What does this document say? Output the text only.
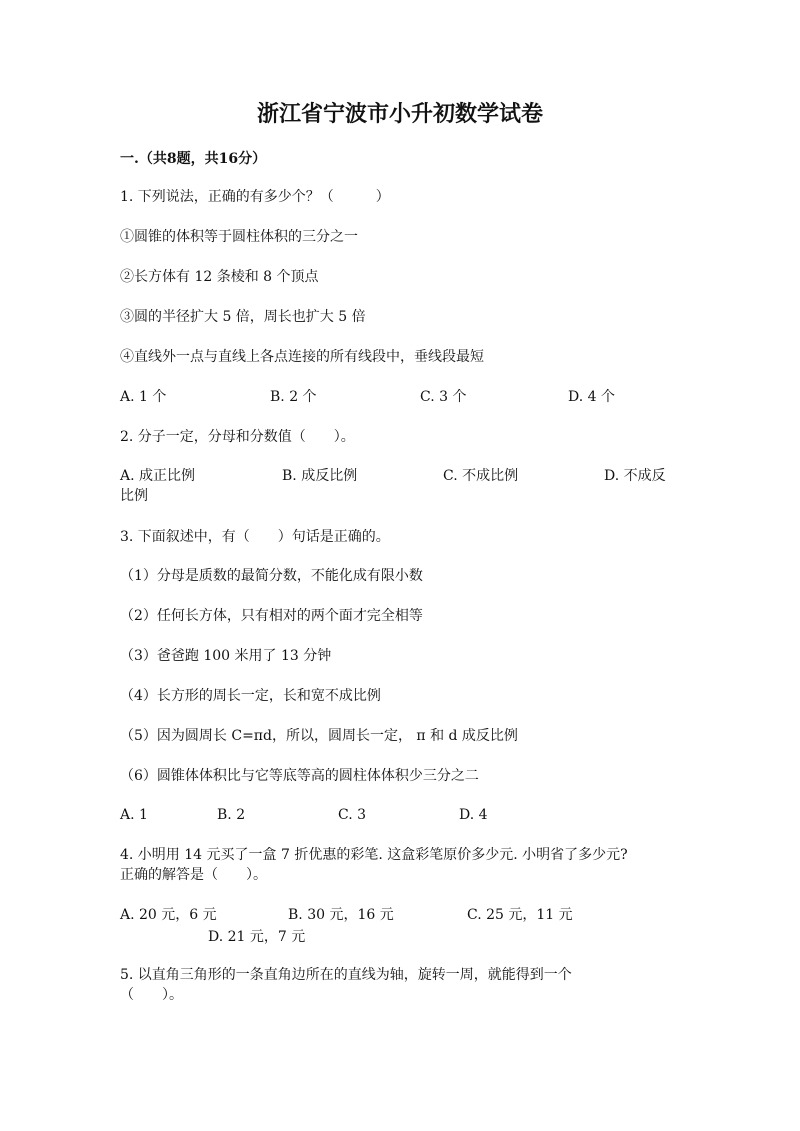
浙江省宁波市小升初数学试卷
一.（共8题，共16分）
1. 下列说法，正确的有多少个？（　　　）
①圆锥的体积等于圆柱体积的三分之一
②长方体有 12 条棱和 8 个顶点
③圆的半径扩大 5 倍，周长也扩大 5 倍
④直线外一点与直线上各点连接的所有线段中，垂线段最短
A. 1 个	B. 2 个	C. 3 个	D. 4 个
2. 分子一定，分母和分数值（　　）。
A. 成正比例	B. 成反比例	C. 不成比例	D. 不成反
比例
3. 下面叙述中，有（　　）句话是正确的。
（1）分母是质数的最简分数，不能化成有限小数
（2）任何长方体，只有相对的两个面才完全相等
（3）爸爸跑 100 米用了 13 分钟
（4）长方形的周长一定，长和宽不成比例
（5）因为圆周长 C=πd，所以，圆周长一定， π 和 d 成反比例
（6）圆锥体体积比与它等底等高的圆柱体体积少三分之二
A. 1	B. 2	C. 3	D. 4
4. 小明用 14 元买了一盒 7 折优惠的彩笔. 这盒彩笔原价多少元. 小明省了多少元?
正确的解答是（　　）。
A. 20 元，6 元	B. 30 元，16 元	C. 25 元，11 元
D. 21 元，7 元
5. 以直角三角形的一条直角边所在的直线为轴，旋转一周，就能得到一个
（　　）。
